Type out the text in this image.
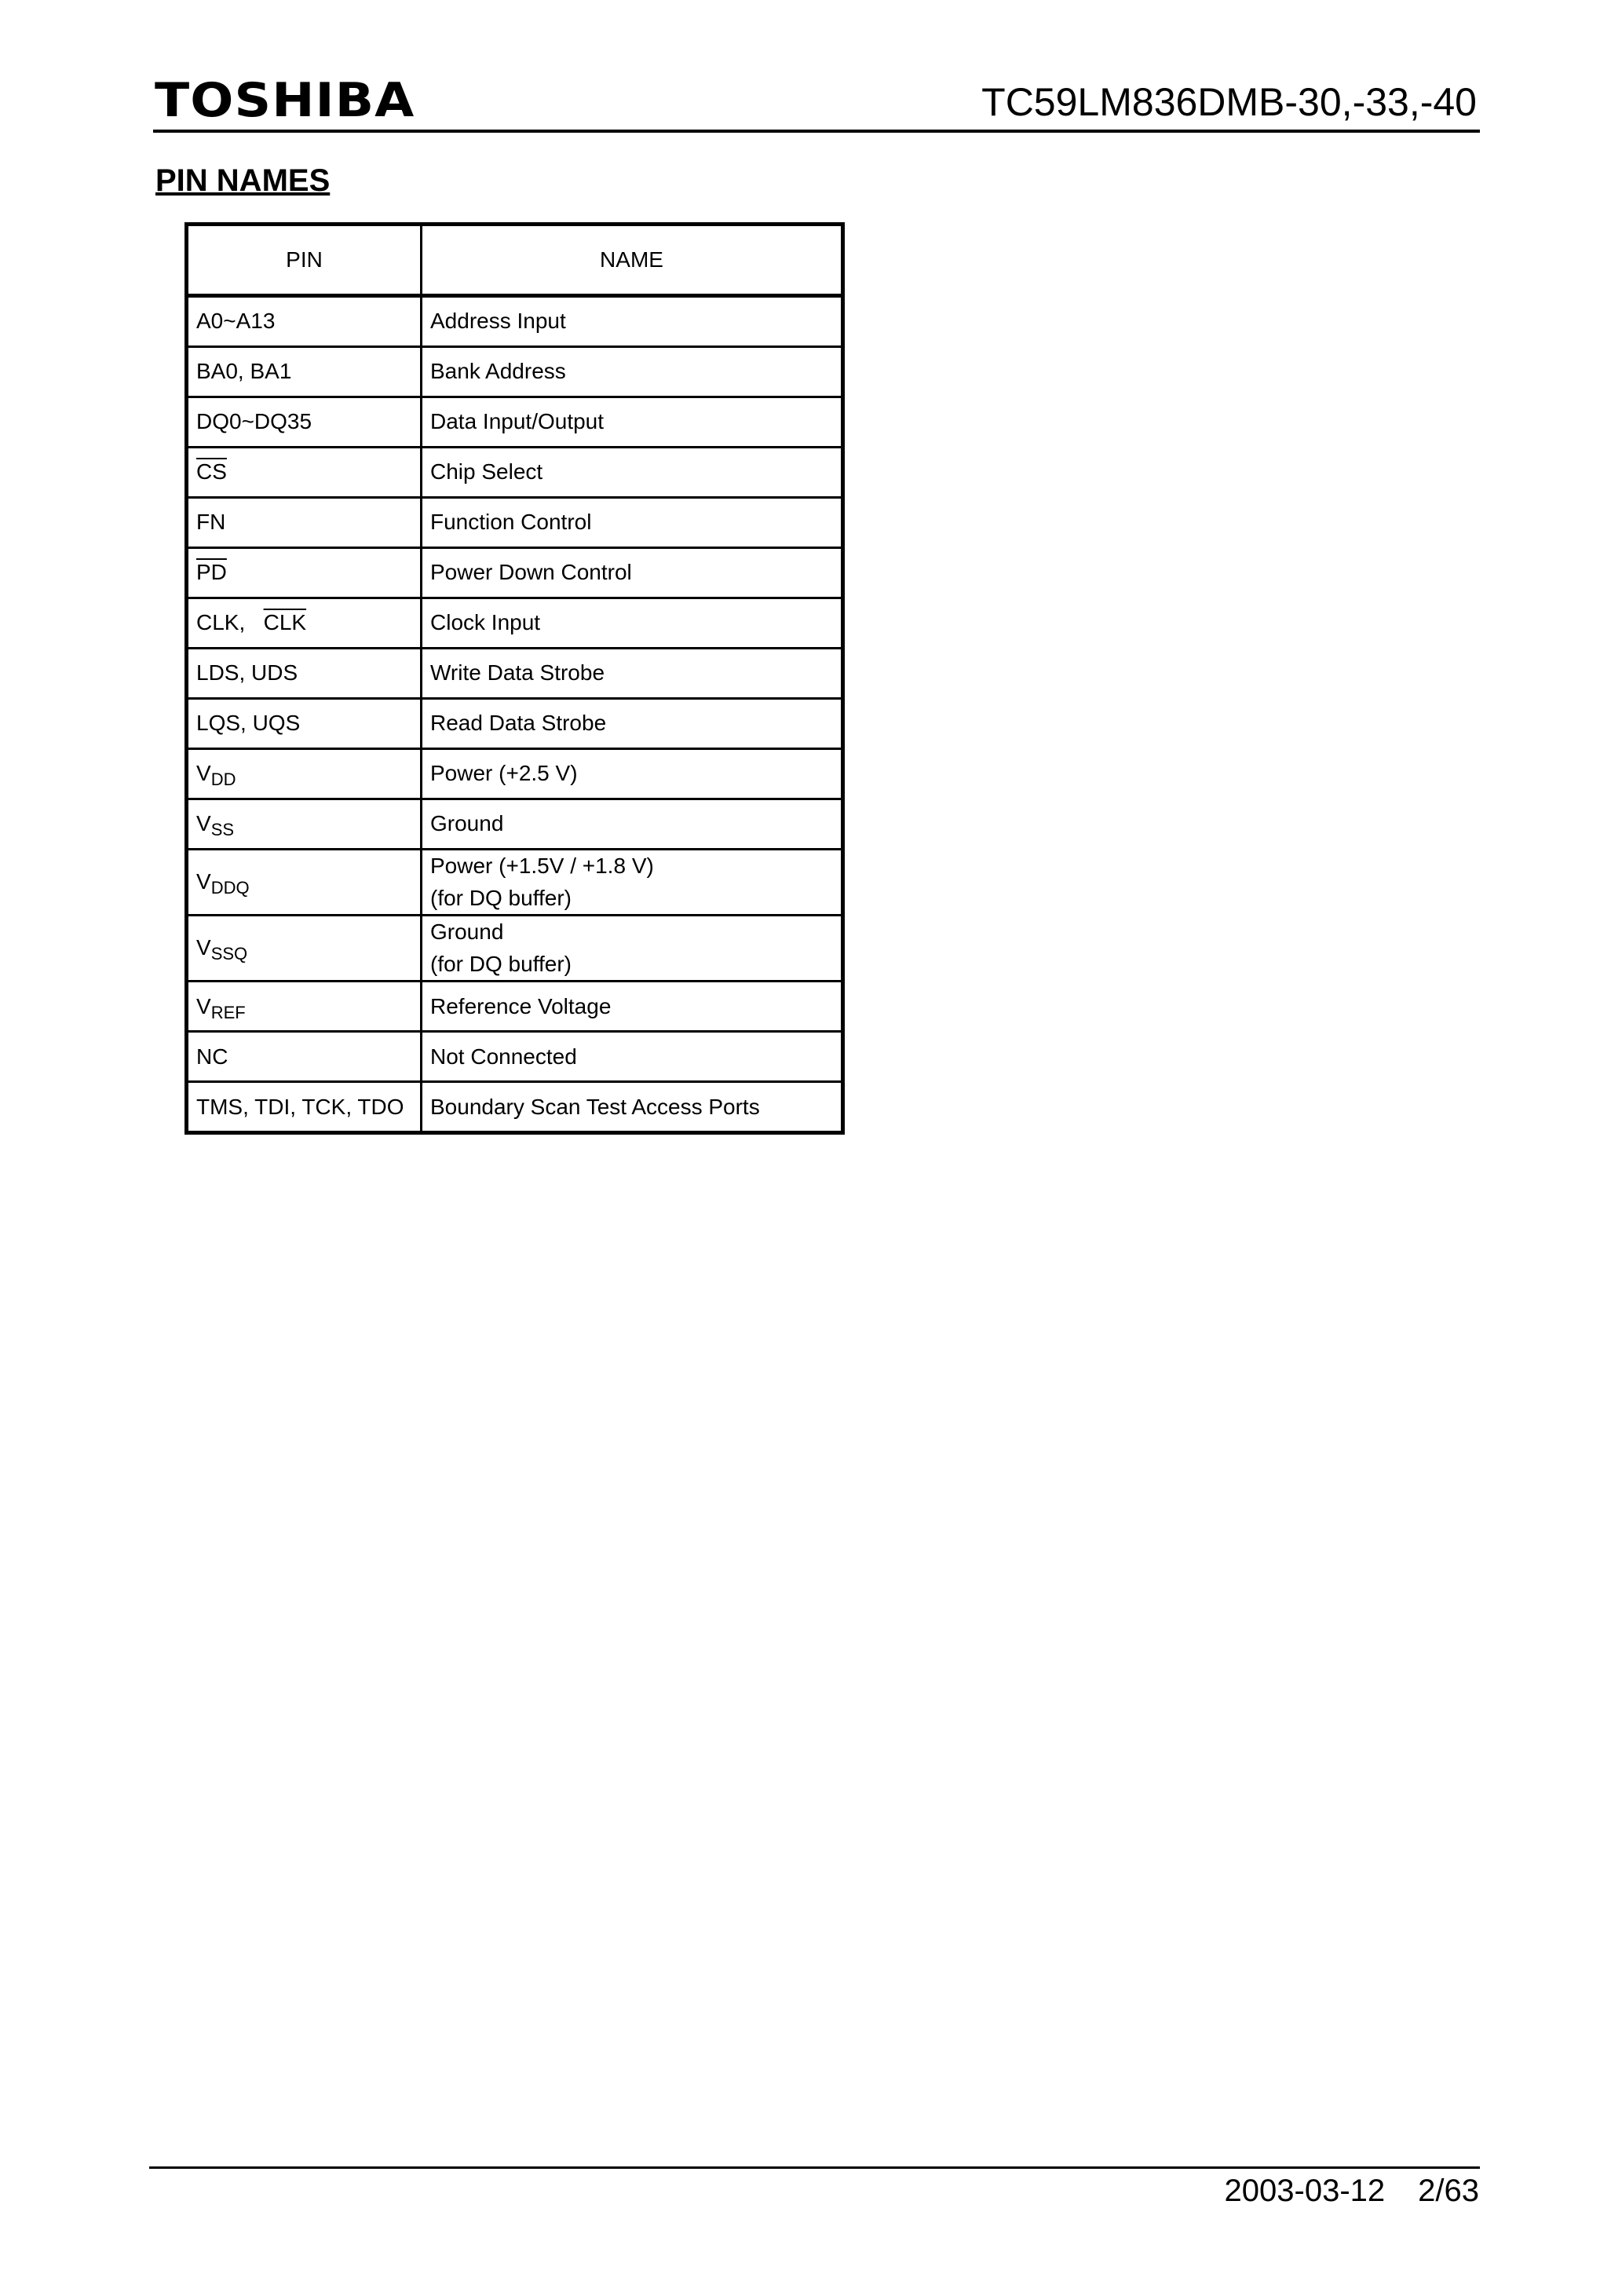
TOSHIBA	TC59LM836DMB-30,-33,-40
PIN NAMES
PIN	NAME
A0~A13	Address Input
BA0, BA1	Bank Address
DQ0~DQ35	Data Input/Output
$\overline{CS}$	Chip Select
FN	Function Control
$\overline{PD}$	Power Down Control
CLK, $\overline{CLK}$	Clock Input
LDS, UDS	Write Data Strobe
LQS, UQS	Read Data Strobe
$V_{DD}$	Power (+2.5 V)
$V_{SS}$	Ground
$V_{DDQ}$	Power (+1.5V / +1.8 V)
(for DQ buffer)

$V_{SSQ}$	Ground
(for DQ buffer)

$V_{REF}$	Reference Voltage
NC	Not Connected
TMS, TDI, TCK, TDO	Boundary Scan Test Access Ports
2003-03-12 2/63
